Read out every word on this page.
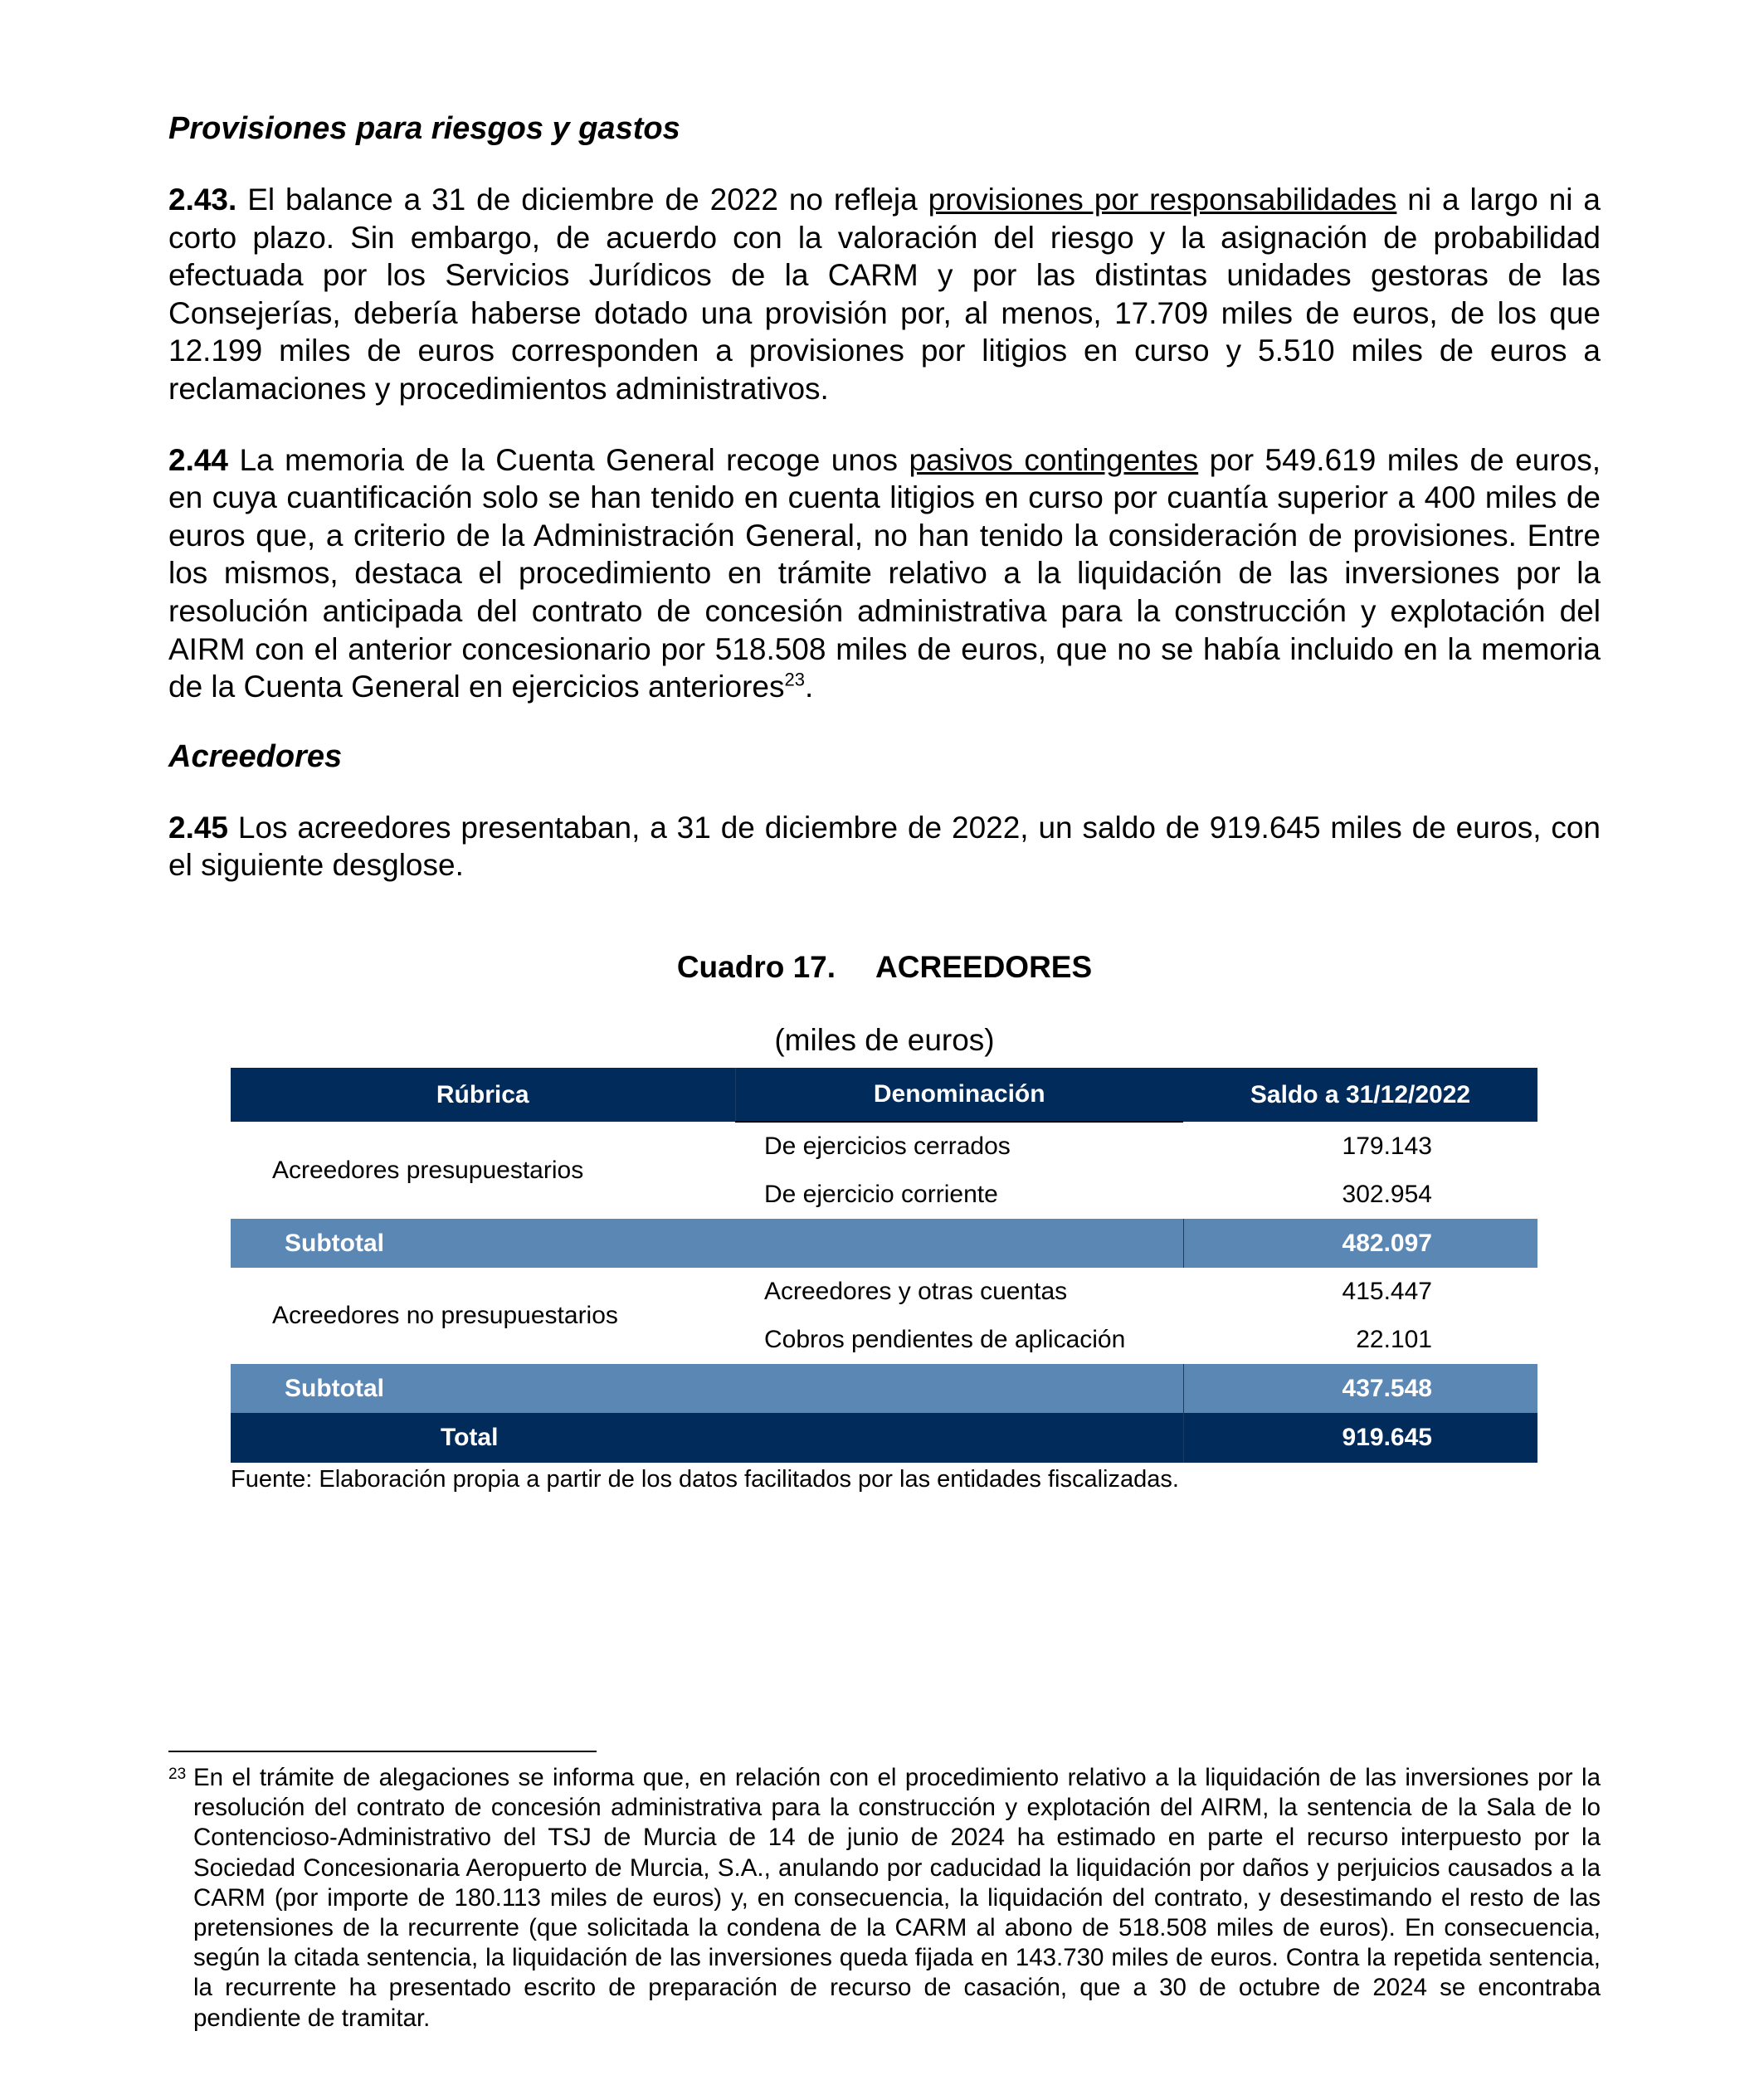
Provisiones para riesgos y gastos

2.43. El balance a 31 de diciembre de 2022 no refleja provisiones por responsabilidades ni a largo ni a corto plazo. Sin embargo, de acuerdo con la valoración del riesgo y la asignación de probabilidad efectuada por los Servicios Jurídicos de la CARM y por las distintas unidades gestoras de las Consejerías, debería haberse dotado una provisión por, al menos, 17.709 miles de euros, de los que 12.199 miles de euros corresponden a provisiones por litigios en curso y 5.510 miles de euros a reclamaciones y procedimientos administrativos.

2.44 La memoria de la Cuenta General recoge unos pasivos contingentes por 549.619 miles de euros, en cuya cuantificación solo se han tenido en cuenta litigios en curso por cuantía superior a 400 miles de euros que, a criterio de la Administración General, no han tenido la consideración de provisiones. Entre los mismos, destaca el procedimiento en trámite relativo a la liquidación de las inversiones por la resolución anticipada del contrato de concesión administrativa para la construcción y explotación del AIRM con el anterior concesionario por 518.508 miles de euros, que no se había incluido en la memoria de la Cuenta General en ejercicios anteriores$^{23}$.

Acreedores

2.45 Los acreedores presentaban, a 31 de diciembre de 2022, un saldo de 919.645 miles de euros, con el siguiente desglose.

Cuadro 17. ACREEDORES
(miles de euros)
Rúbrica	Denominación	Saldo a 31/12/2022
Acreedores presupuestarios	De ejercicios cerrados	179.143
	De ejercicio corriente	302.954
Subtotal		482.097
Acreedores no presupuestarios	Acreedores y otras cuentas	415.447
	Cobros pendientes de aplicación	22.101
Subtotal		437.548
Total		919.645
Fuente: Elaboración propia a partir de los datos facilitados por las entidades fiscalizadas.
23 En el trámite de alegaciones se informa que, en relación con el procedimiento relativo a la liquidación de las inversiones por la resolución del contrato de concesión administrativa para la construcción y explotación del AIRM, la sentencia de la Sala de lo Contencioso-Administrativo del TSJ de Murcia de 14 de junio de 2024 ha estimado en parte el recurso interpuesto por la Sociedad Concesionaria Aeropuerto de Murcia, S.A., anulando por caducidad la liquidación por daños y perjuicios causados a la CARM (por importe de 180.113 miles de euros) y, en consecuencia, la liquidación del contrato, y desestimando el resto de las pretensiones de la recurrente (que solicitada la condena de la CARM al abono de 518.508 miles de euros). En consecuencia, según la citada sentencia, la liquidación de las inversiones queda fijada en 143.730 miles de euros. Contra la repetida sentencia, la recurrente ha presentado escrito de preparación de recurso de casación, que a 30 de octubre de 2024 se encontraba pendiente de tramitar.
